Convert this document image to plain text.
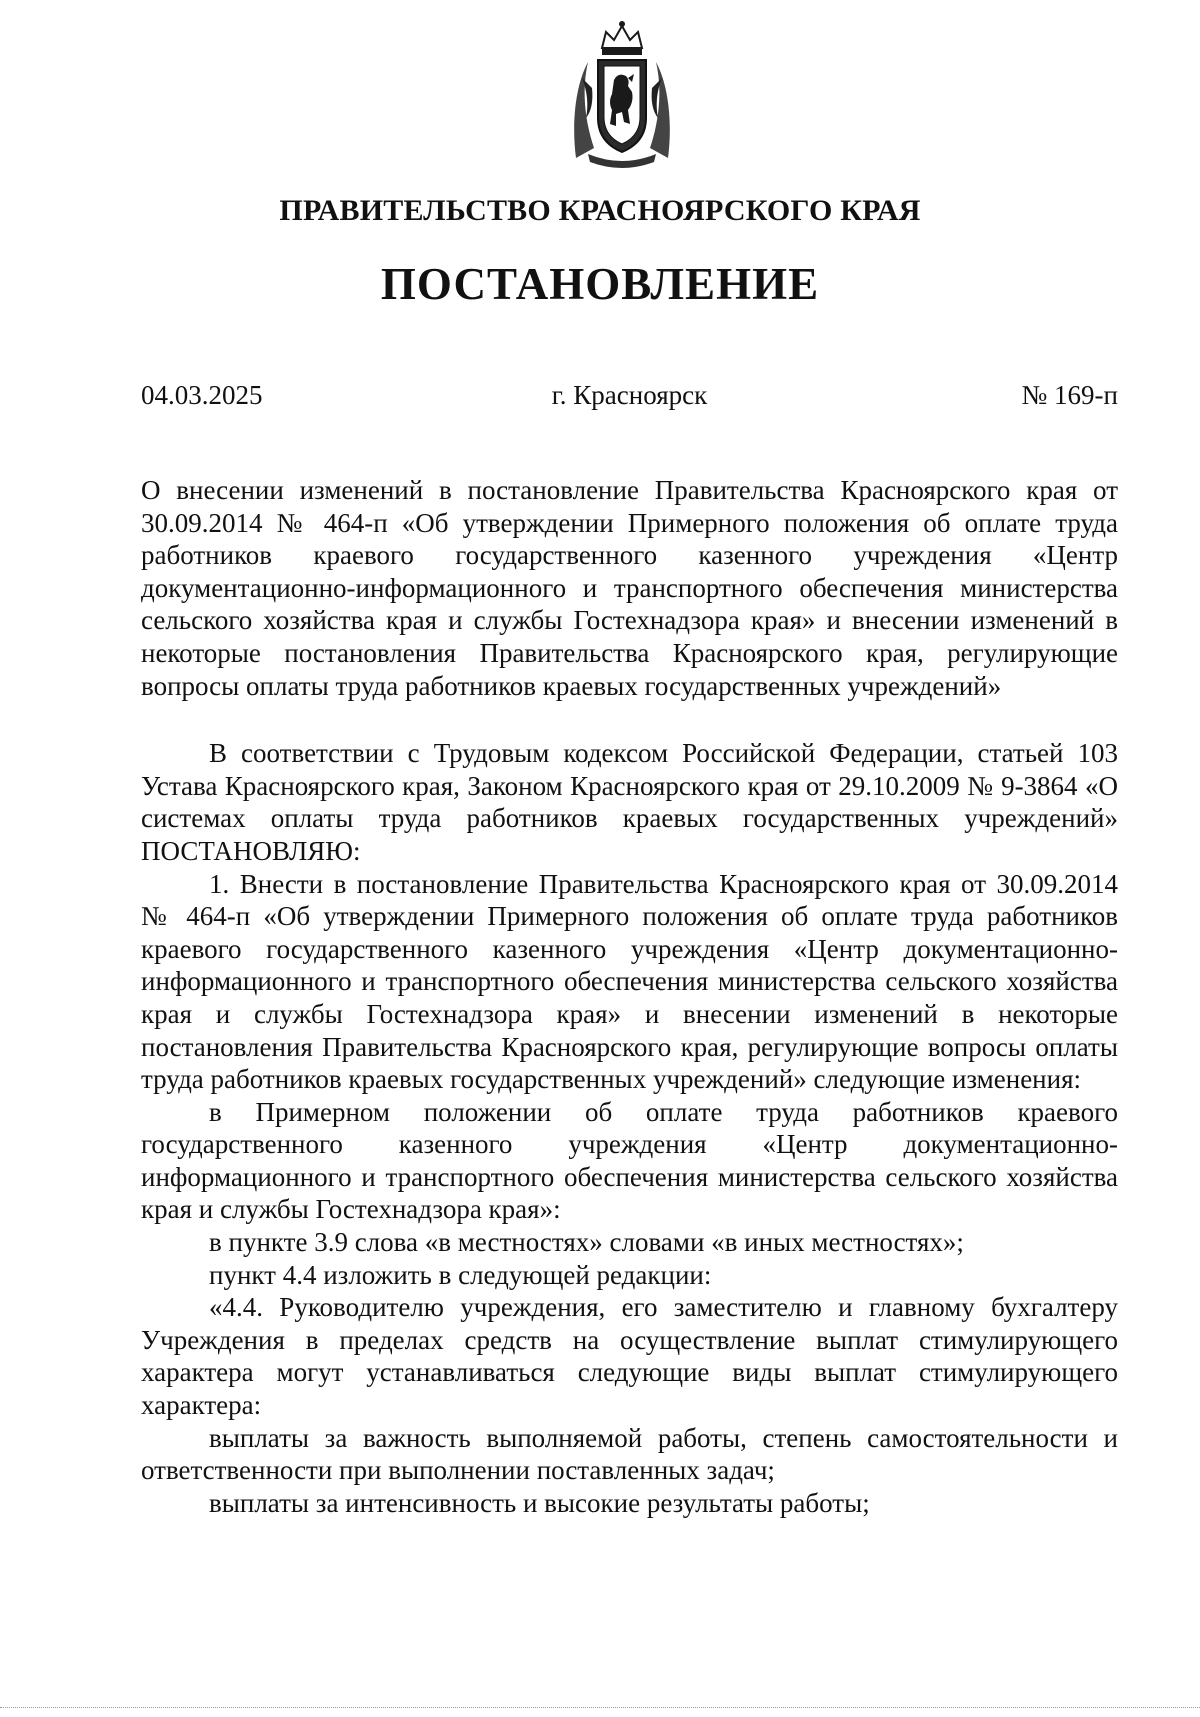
ПРАВИТЕЛЬСТВО КРАСНОЯРСКОГО КРАЯ
ПОСТАНОВЛЕНИЕ
г. Красноярск
04.03.2025	№ 169-п

О внесении изменений в постановление Правительства Красноярского края от 30.09.2014 № 464-п «Об утверждении Примерного положения об оплате труда работников краевого государственного казенного учреждения «Центр документационно-информационного и транспортного обеспечения министерства сельского хозяйства края и службы Гостехнадзора края» и внесении изменений в некоторые постановления Правительства Красноярского края, регулирующие вопросы оплаты труда работников краевых государственных учреждений»

В соответствии с Трудовым кодексом Российской Федерации, статьей 103 Устава Красноярского края, Законом Красноярского края от 29.10.2009 № 9-3864 «О системах оплаты труда работников краевых государственных учреждений» ПОСТАНОВЛЯЮ:

1. Внести в постановление Правительства Красноярского края от 30.09.2014 № 464-п «Об утверждении Примерного положения об оплате труда работников краевого государственного казенного учреждения «Центр документационно-информационного и транспортного обеспечения министерства сельского хозяйства края и службы Гостехнадзора края» и внесении изменений в некоторые постановления Правительства Красноярского края, регулирующие вопросы оплаты труда работников краевых государственных учреждений» следующие изменения:

в Примерном положении об оплате труда работников краевого государственного казенного учреждения «Центр документационно-информационного и транспортного обеспечения министерства сельского хозяйства края и службы Гостехнадзора края»:

в пункте 3.9 слова «в местностях» словами «в иных местностях»;

пункт 4.4 изложить в следующей редакции:

«4.4. Руководителю учреждения, его заместителю и главному бухгалтеру Учреждения в пределах средств на осуществление выплат стимулирующего характера могут устанавливаться следующие виды выплат стимулирующего характера:

выплаты за важность выполняемой работы, степень самостоятельности и ответственности при выполнении поставленных задач;

выплаты за интенсивность и высокие результаты работы;
